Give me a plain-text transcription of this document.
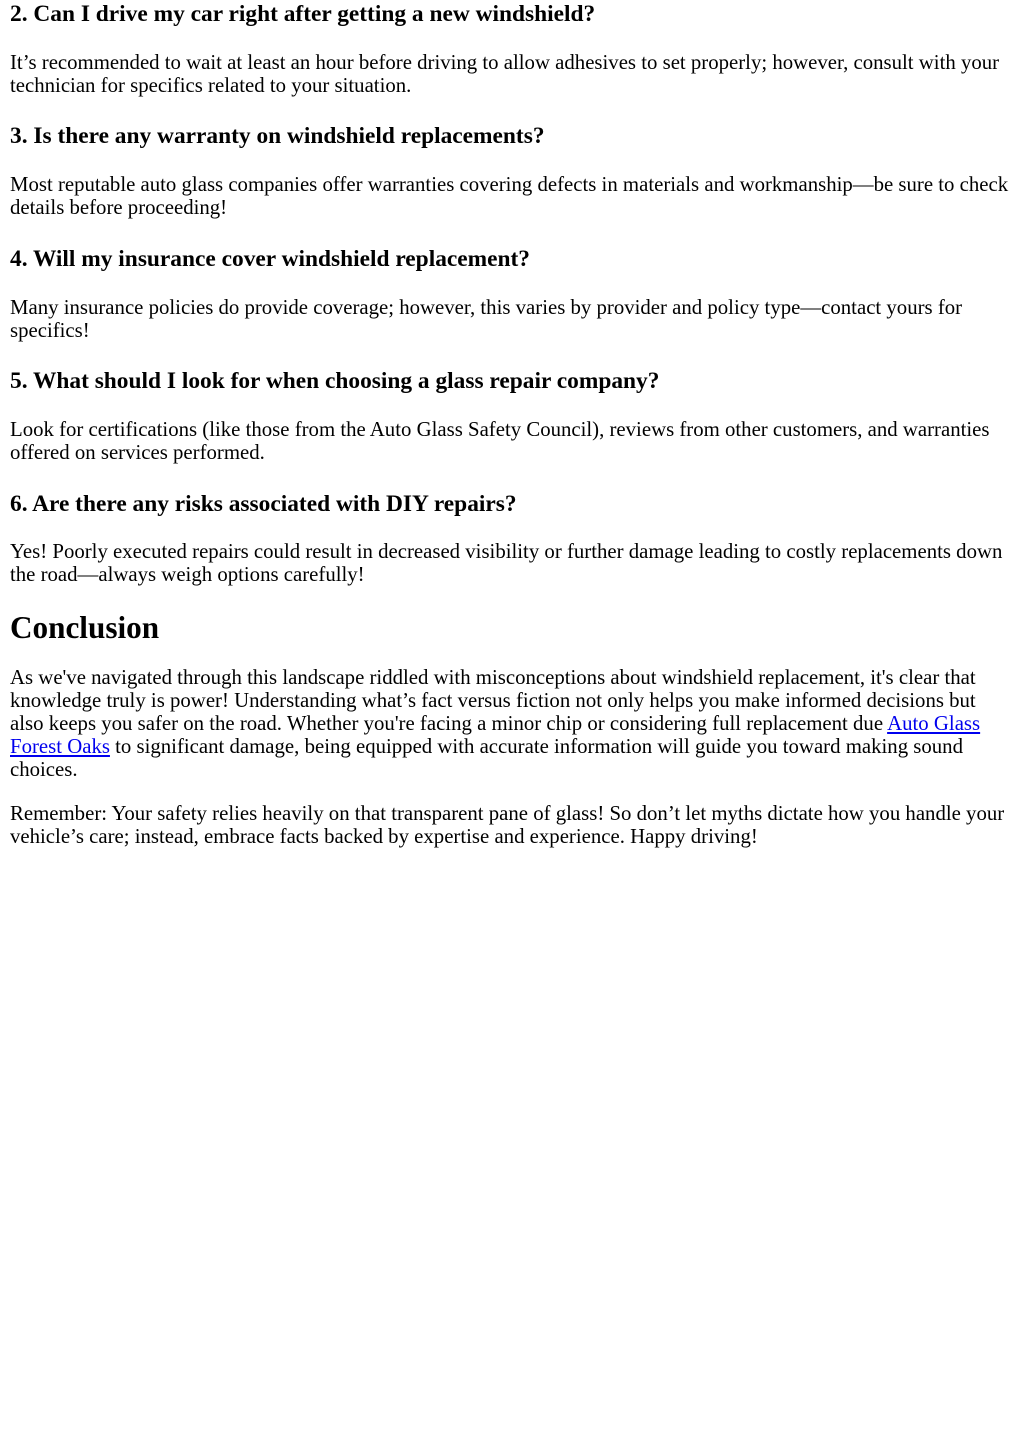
2. Can I drive my car right after getting a new windshield?

It’s recommended to wait at least an hour before driving to allow adhesives to set properly; however, consult with your technician for specifics related to your situation.

3. Is there any warranty on windshield replacements?

Most reputable auto glass companies offer warranties covering defects in materials and workmanship—be sure to check details before proceeding!

4. Will my insurance cover windshield replacement?

Many insurance policies do provide coverage; however, this varies by provider and policy type—contact yours for specifics!

5. What should I look for when choosing a glass repair company?

Look for certifications (like those from the Auto Glass Safety Council), reviews from other customers, and warranties offered on services performed.

6. Are there any risks associated with DIY repairs?

Yes! Poorly executed repairs could result in decreased visibility or further damage leading to costly replacements down the road—always weigh options carefully!

Conclusion

As we've navigated through this landscape riddled with misconceptions about windshield replacement, it's clear that knowledge truly is power! Understanding what’s fact versus fiction not only helps you make informed decisions but also keeps you safer on the road. Whether you're facing a minor chip or considering full replacement due Auto Glass Forest Oaks to significant damage, being equipped with accurate information will guide you toward making sound choices.

Remember: Your safety relies heavily on that transparent pane of glass! So don’t let myths dictate how you handle your vehicle’s care; instead, embrace facts backed by expertise and experience. Happy driving!
